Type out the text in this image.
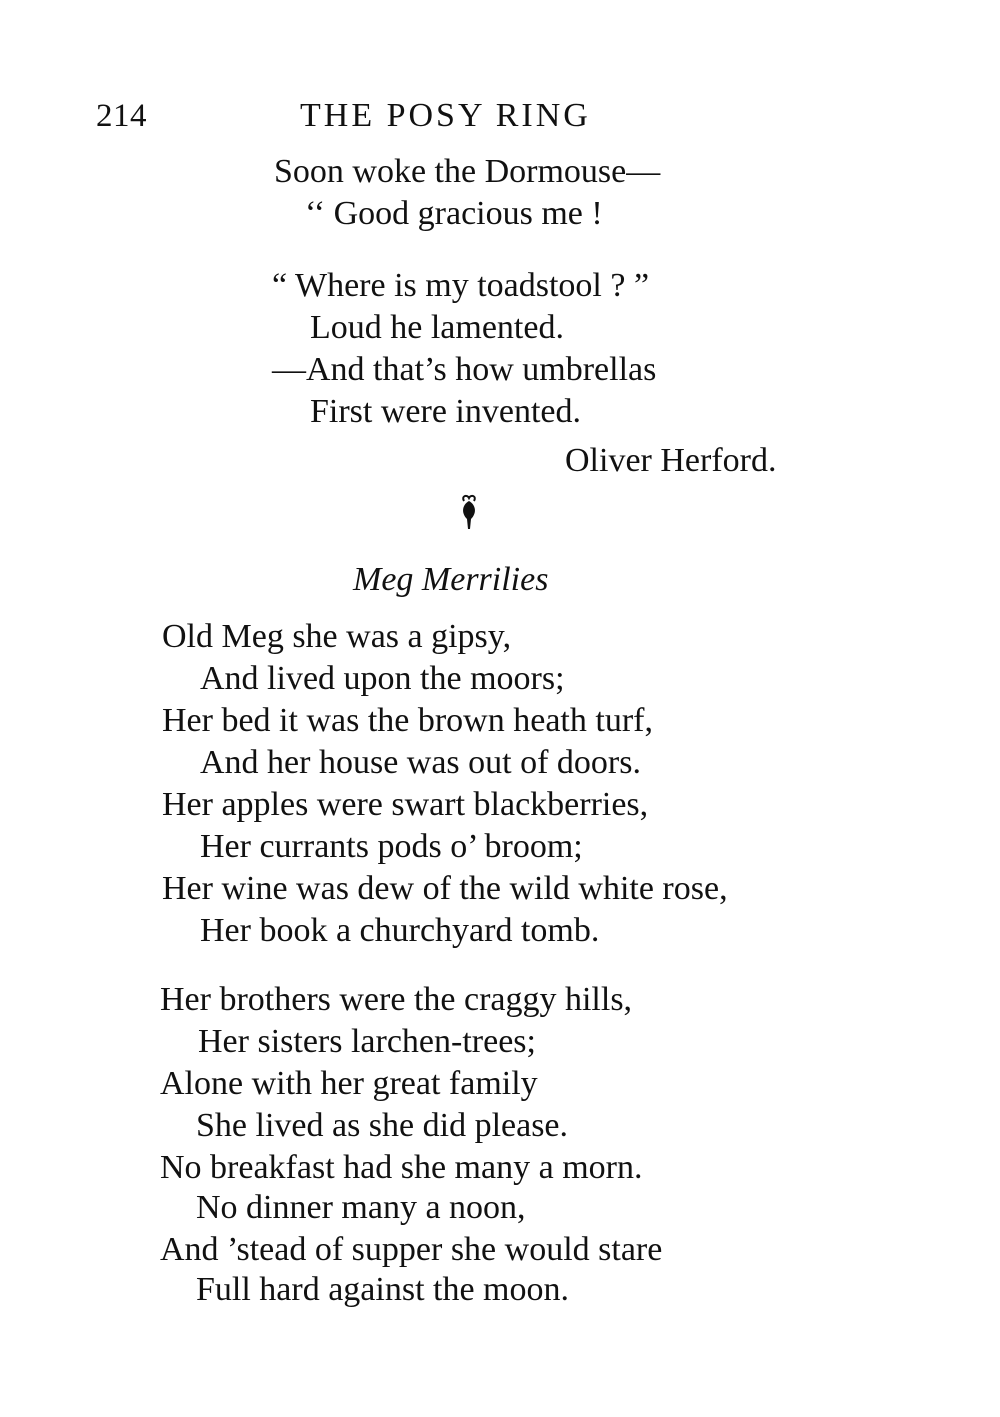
214	THE POSY RING
Soon woke the Dormouse—
‘‘ Good gracious me !
“ Where is my toadstool ? ”
Loud he lamented.
—And that’s how umbrellas
First were invented.
Oliver Herford.
Meg Merrilies
Old Meg she was a gipsy,
And lived upon the moors;
Her bed it was the brown heath turf,
And her house was out of doors.
Her apples were swart blackberries,
Her currants pods o’ broom;
Her wine was dew of the wild white rose,
Her book a churchyard tomb.
Her brothers were the craggy hills,
Her sisters larchen-trees;
Alone with her great family
She lived as she did please.
No breakfast had she many a morn.
No dinner many a noon,
And ’stead of supper she would stare
Full hard against the moon.
